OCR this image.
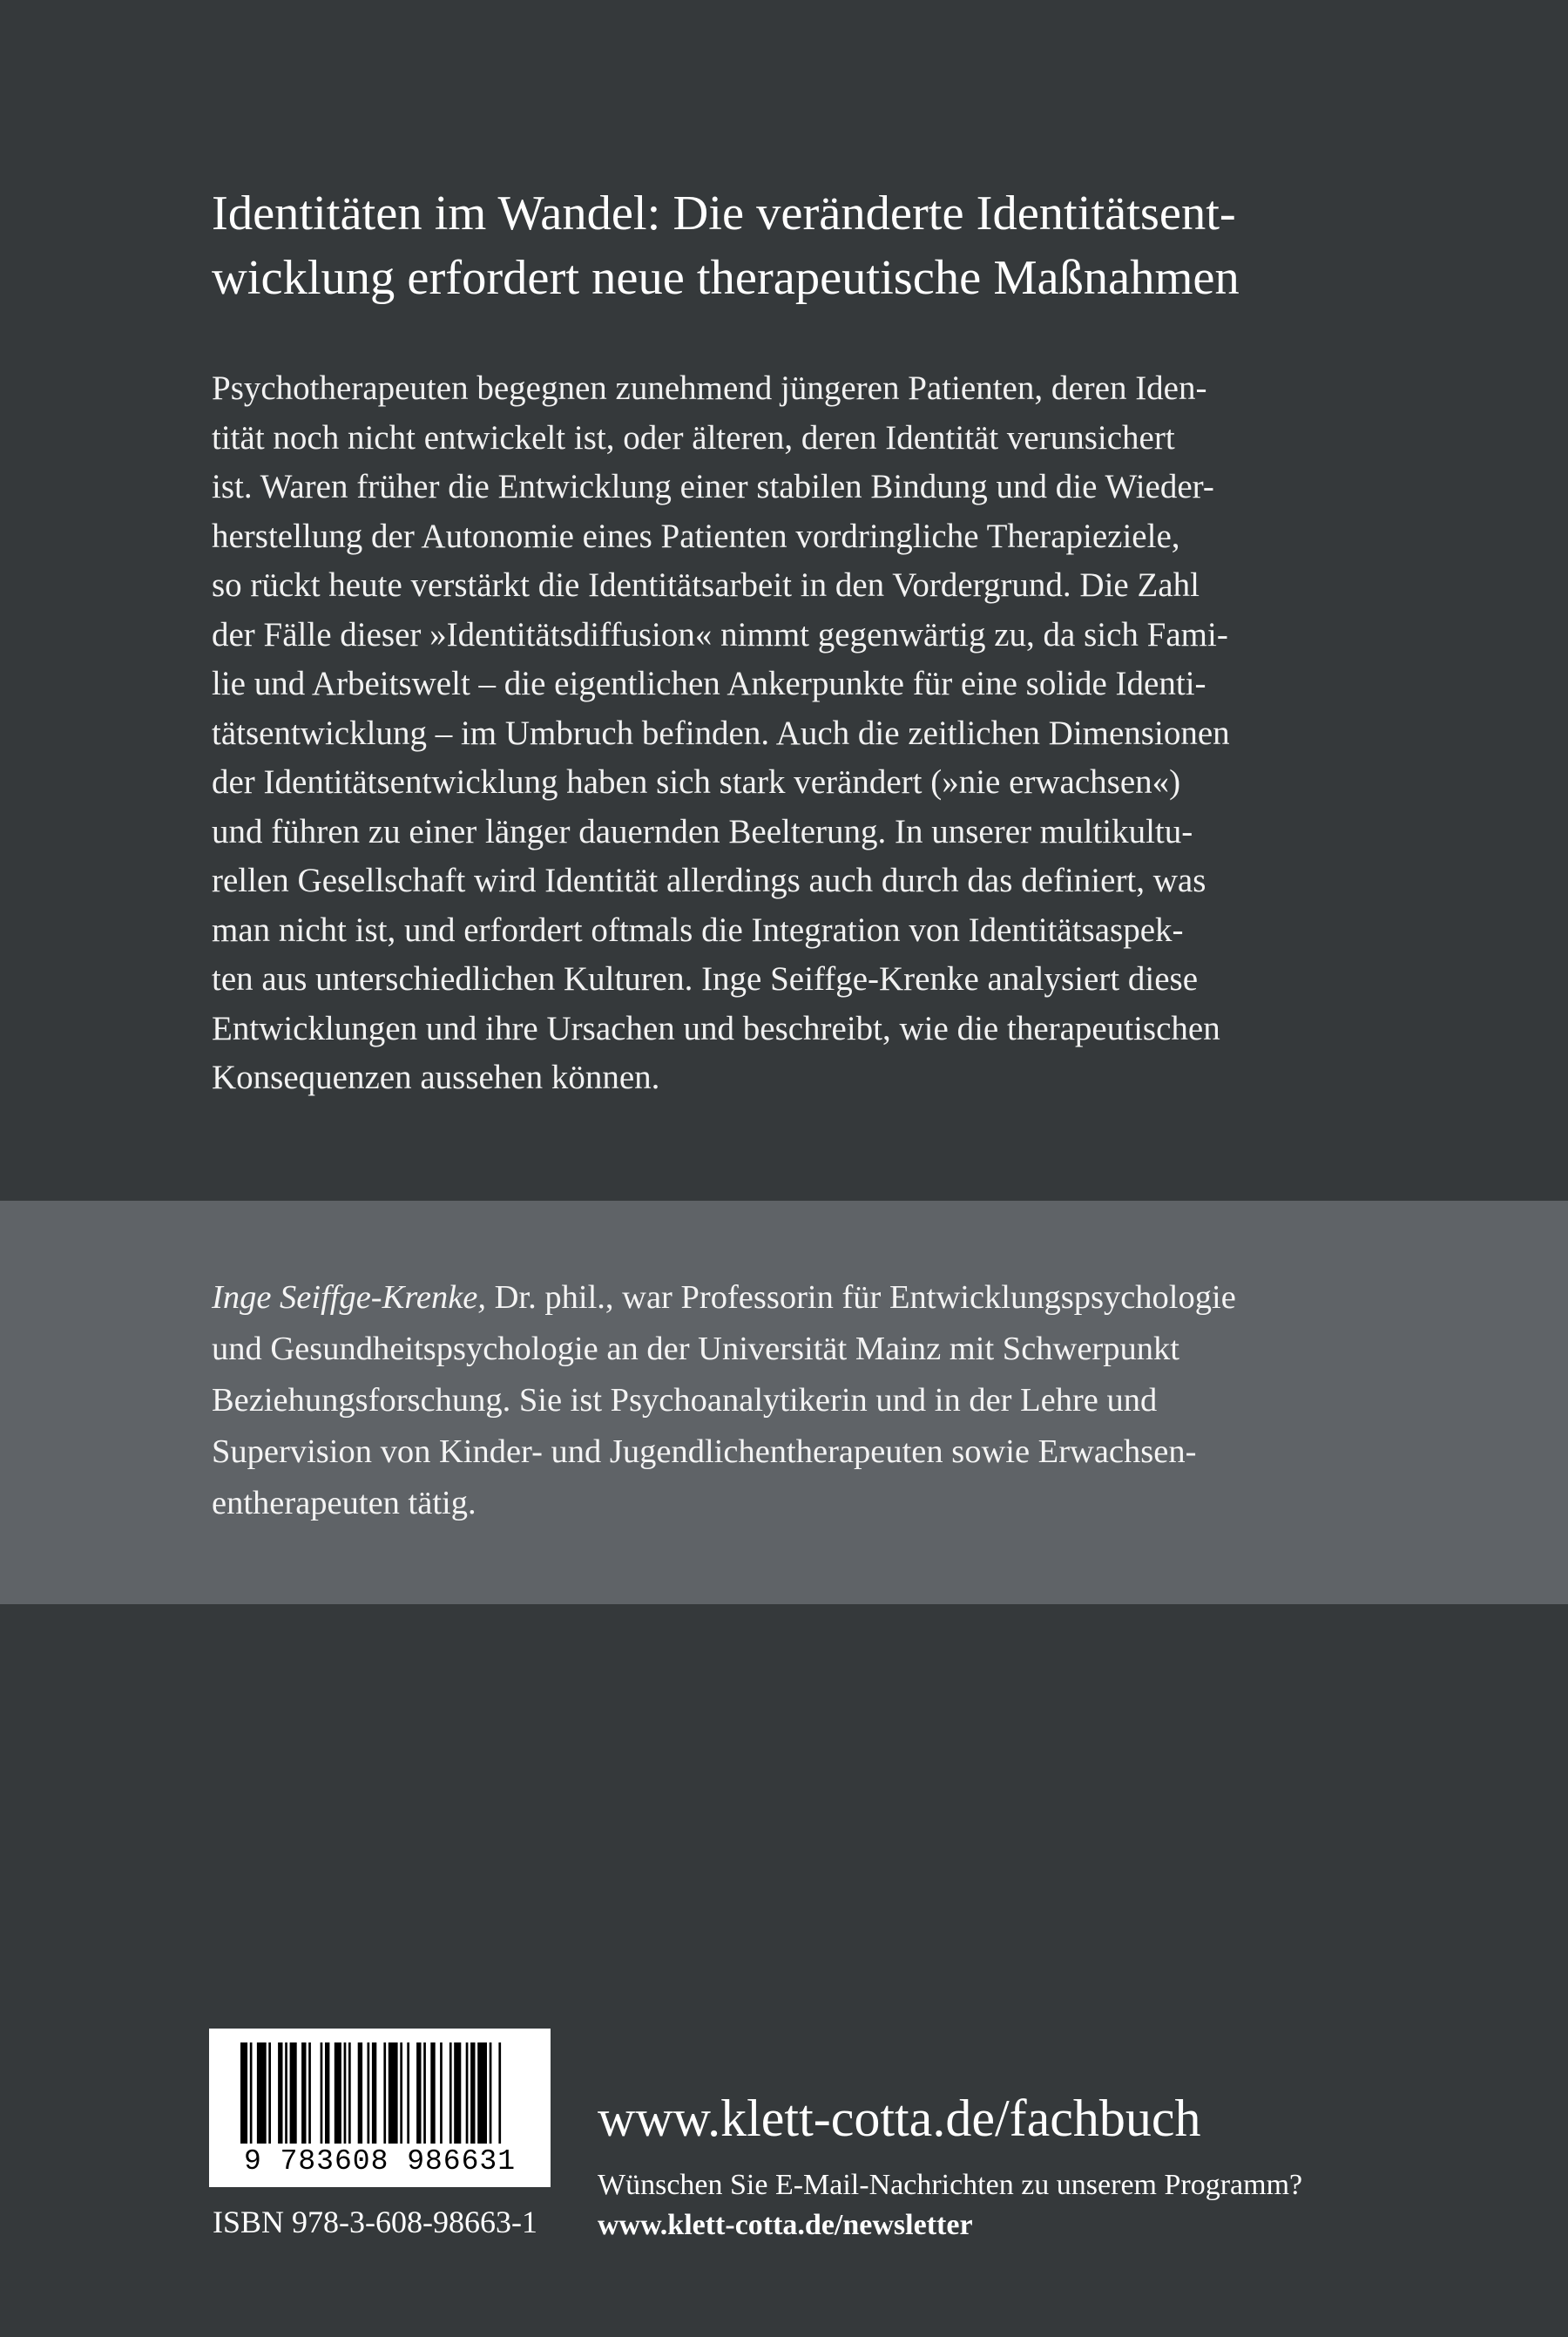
Identitäten im Wandel: Die veränderte Identitätsent-
wicklung erfordert neue therapeutische Maßnahmen

Psychotherapeuten begegnen zunehmend jüngeren Patienten, deren Iden-
tität noch nicht entwickelt ist, oder älteren, deren Identität verunsichert
ist. Waren früher die Entwicklung einer stabilen Bindung und die Wieder-
herstellung der Autonomie eines Patienten vordringliche Therapieziele,
so rückt heute verstärkt die Identitätsarbeit in den Vordergrund. Die Zahl
der Fälle dieser »Identitätsdiffusion« nimmt gegenwärtig zu, da sich Fami-
lie und Arbeitswelt – die eigentlichen Ankerpunkte für eine solide Identi-
tätsentwicklung – im Umbruch befinden. Auch die zeitlichen Dimensionen
der Identitätsentwicklung haben sich stark verändert (»nie erwachsen«)
und führen zu einer länger dauernden Beelterung. In unserer multikultu-
rellen Gesellschaft wird Identität allerdings auch durch das definiert, was
man nicht ist, und erfordert oftmals die Integration von Identitätsaspek-
ten aus unterschiedlichen Kulturen. Inge Seiffge-Krenke analysiert diese
Entwicklungen und ihre Ursachen und beschreibt, wie die therapeutischen
Konsequenzen aussehen können.

Inge Seiffge-Krenke, Dr. phil., war Professorin für Entwicklungspsychologie
und Gesundheitspsychologie an der Universität Mainz mit Schwerpunkt
Beziehungsforschung. Sie ist Psychoanalytikerin und in der Lehre und
Supervision von Kinder- und Jugendlichentherapeuten sowie Erwachsen-
entherapeuten tätig.

9 783608 986631
ISBN 978-3-608-98663-1
www.klett-cotta.de/fachbuch
Wünschen Sie E-Mail-Nachrichten zu unserem Programm?
www.klett-cotta.de/newsletter
